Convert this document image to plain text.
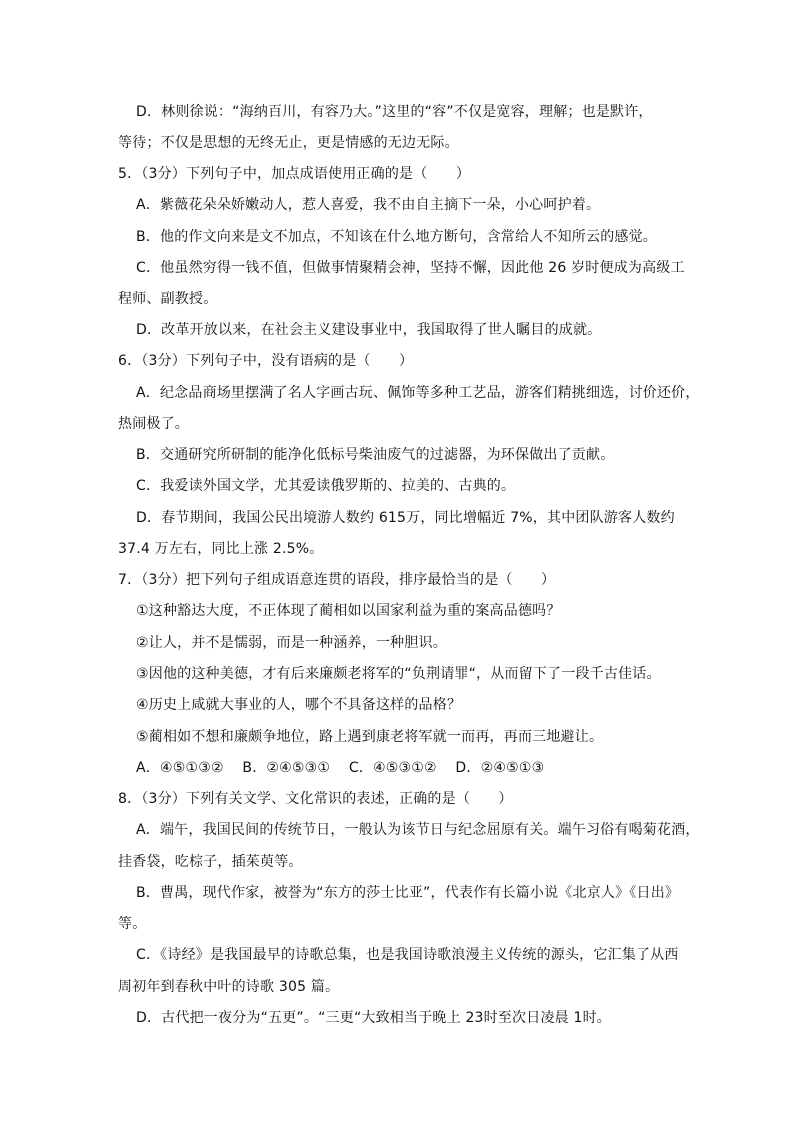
D．林则徐说：“海纳百川，有容乃大。”这里的“容”不仅是宽容，理解；也是默许，
等待；不仅是思想的无终无止，更是情感的无边无际。
5．（3分）下列句子中，加点成语使用正确的是（　　）
A．紫薇花朵朵娇嫩动人，惹人喜爱，我不由自主摘下一朵，小心呵护着。
B．他的作文向来是文不加点，不知该在什么地方断句，含常给人不知所云的感觉。
C．他虽然穷得一钱不值，但做事情聚精会神，坚持不懈，因此他 26 岁时便成为高级工
程师、副教授。
D．改革开放以来，在社会主义建设事业中，我国取得了世人瞩目的成就。
6．（3分）下列句子中，没有语病的是（　　）
A．纪念品商场里摆满了名人字画古玩、佩饰等多种工艺品，游客们精挑细选，讨价还价，
热闹极了。
B．交通研究所研制的能净化低标号柴油废气的过滤器，为环保做出了贡献。
C．我爱读外国文学，尤其爱读俄罗斯的、拉美的、古典的。
D．春节期间，我国公民出境游人数约 615万，同比增幅近 7%，其中团队游客人数约
37.4 万左右，同比上涨 2.5%。
7．（3分）把下列句子组成语意连贯的语段，排序最恰当的是（　　）
①这种豁达大度，不正体现了蔺相如以国家利益为重的案高品德吗？
②让人，并不是懦弱，而是一种涵养，一种胆识。
③因他的这种美德，才有后来廉颇老将军的“负荆请罪“，从而留下了一段千古佳话。
④历史上咸就大事业的人，哪个不具备这样的品格？
⑤蔺相如不想和廉颇争地位，路上遇到康老将军就一而再，再而三地避让。
A．④⑤①③② B．②④⑤③① C．④⑤③①② D．②④⑤①③
8．（3分）下列有关文学、文化常识的表述，正确的是（　　）
A．端午，我国民间的传统节日，一般认为该节日与纪念屈原有关。端午习俗有喝菊花酒，
挂香袋，吃棕子，插茱萸等。
B．曹禺，现代作家，被誉为“东方的莎士比亚”，代表作有长篇小说《北京人》《日出》
等。
C．《诗经》是我国最早的诗歌总集，也是我国诗歌浪漫主义传统的源头，它汇集了从西
周初年到春秋中叶的诗歌 305 篇。
D．古代把一夜分为“五更”。“三更“大致相当于晚上 23时至次日凌晨 1时。
